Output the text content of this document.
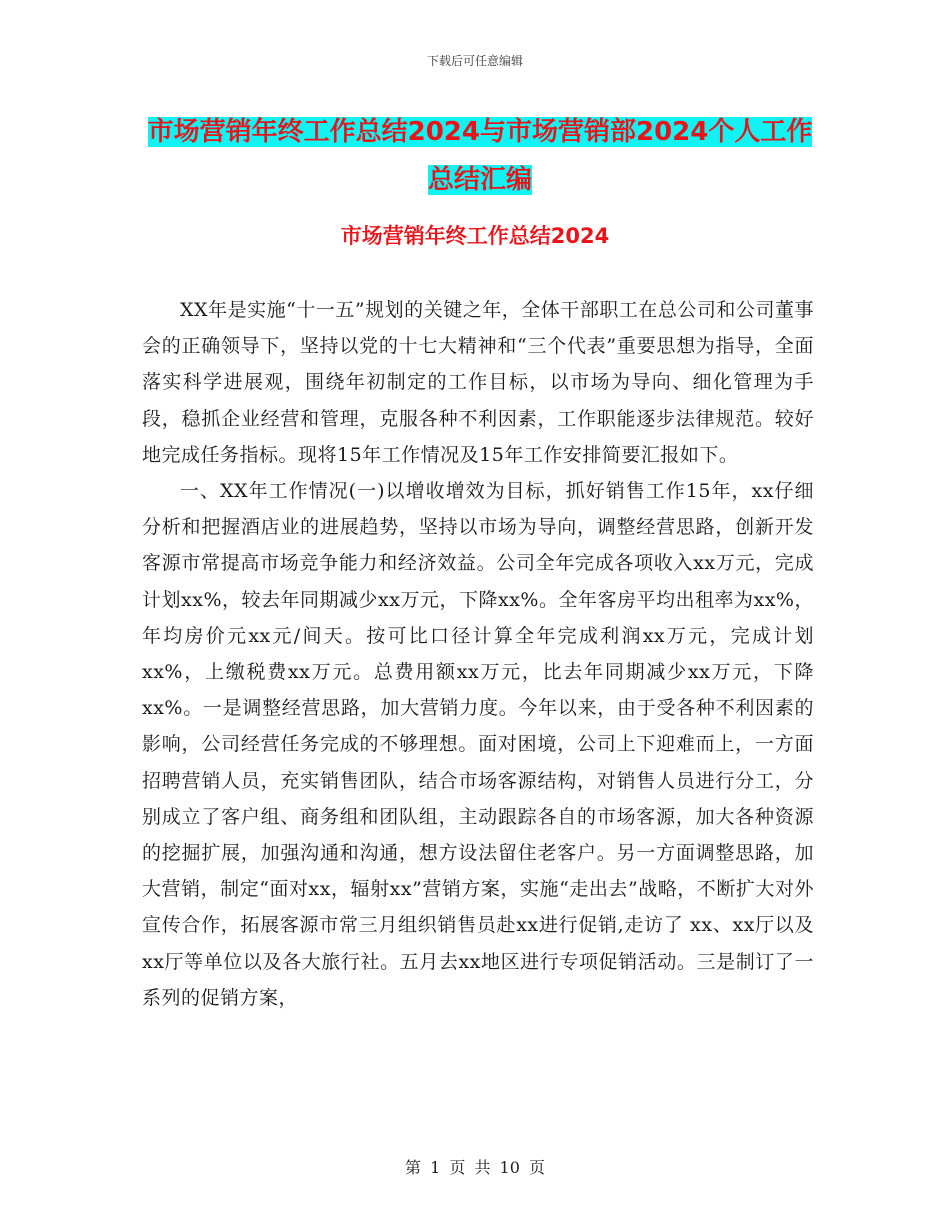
下载后可任意编辑
市场营销年终工作总结2024与市场营销部2024个人工作总结汇编
市场营销年终工作总结2024

XX年是实施“十一五”规划的关键之年，全体干部职工在总公司和公司董事会的正确领导下，坚持以党的十七大精神和“三个代表”重要思想为指导，全面落实科学进展观，围绕年初制定的工作目标，以市场为导向、细化管理为手段，稳抓企业经营和管理，克服各种不利因素，工作职能逐步法律规范。较好地完成任务指标。现将15年工作情况及15年工作安排简要汇报如下。

一、XX年工作情况(一)以增收增效为目标，抓好销售工作15年，xx仔细分析和把握酒店业的进展趋势，坚持以市场为导向，调整经营思路，创新开发客源市常提高市场竞争能力和经济效益。公司全年完成各项收入xx万元，完成计划xx%，较去年同期减少xx万元，下降xx%。全年客房平均出租率为xx%，年均房价元xx元/间天。按可比口径计算全年完成利润xx万元，完成计划xx%，上缴税费xx万元。总费用额xx万元，比去年同期减少xx万元，下降xx%。一是调整经营思路，加大营销力度。今年以来，由于受各种不利因素的影响，公司经营任务完成的不够理想。面对困境，公司上下迎难而上，一方面招聘营销人员，充实销售团队，结合市场客源结构，对销售人员进行分工，分别成立了客户组、商务组和团队组，主动跟踪各自的市场客源，加大各种资源的挖掘扩展，加强沟通和沟通，想方设法留住老客户。另一方面调整思路，加大营销，制定“面对xx，辐射xx”营销方案，实施“走出去”战略，不断扩大对外宣传合作，拓展客源市常三月组织销售员赴xx进行促销,走访了 xx、xx厅以及xx厅等单位以及各大旅行社。五月去xx地区进行专项促销活动。三是制订了一系列的促销方案，

第 1 页 共 10 页
